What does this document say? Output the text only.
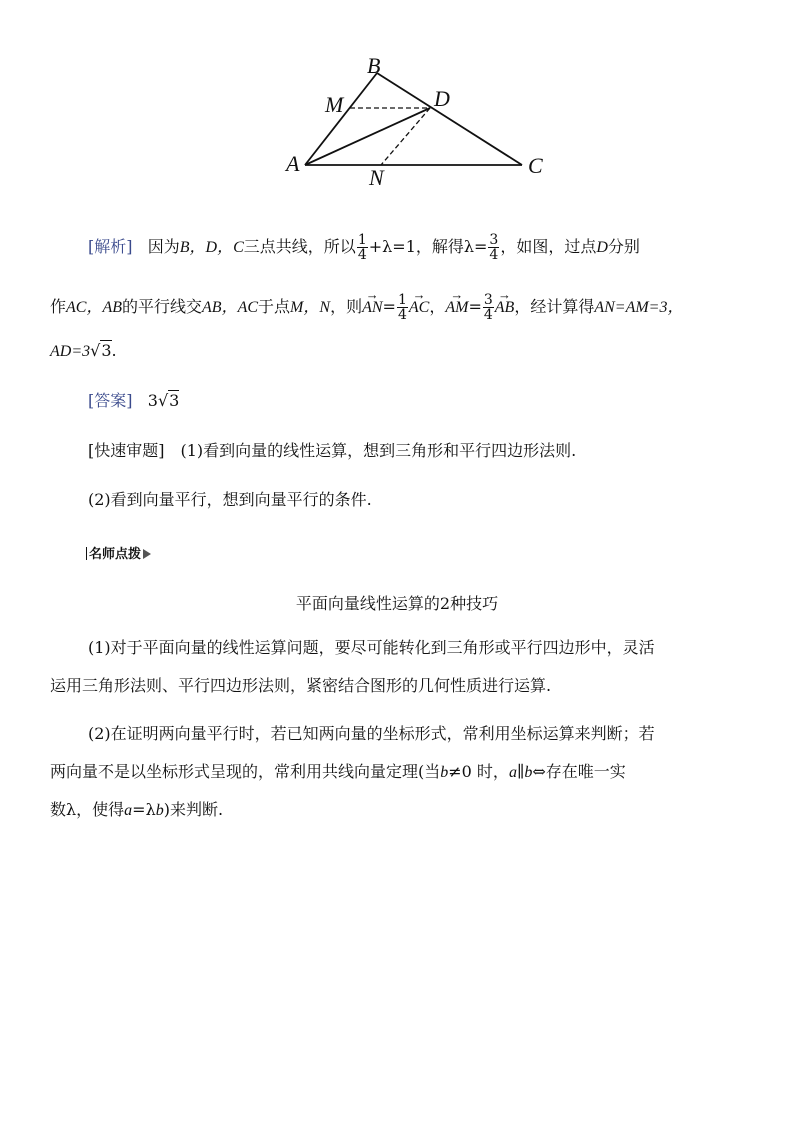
A
B
C
D
M
N
[解析] 因为B，D，C三点共线，所以 $\frac{1}{4} +\lambda=1$，解得$\lambda= \frac{3}{4}$ ，如图，过点D分别
作AC，AB的平行线交AB，AC于点M，N，则→ $AN= \frac{1}{4}$ → AC，→ $AM= \frac{3}{4}$ → AB，经计算得AN=AM=3，
AD=3√3.
[答案] 3√3
[快速审题]　(1)看到向量的线性运算，想到三角形和平行四边形法则.
(2)看到向量平行，想到向量平行的条件.
名师点拨
平面向量线性运算的2种技巧
(1)对于平面向量的线性运算问题，要尽可能转化到三角形或平行四边形中，灵活
运用三角形法则、平行四边形法则，紧密结合图形的几何性质进行运算.
(2)在证明两向量平行时，若已知两向量的坐标形式，常利用坐标运算来判断；若
两向量不是以坐标形式呈现的，常利用共线向量定理(当b≠0 时，a∥b⇔存在唯一实
数λ，使得a=λb)来判断.
